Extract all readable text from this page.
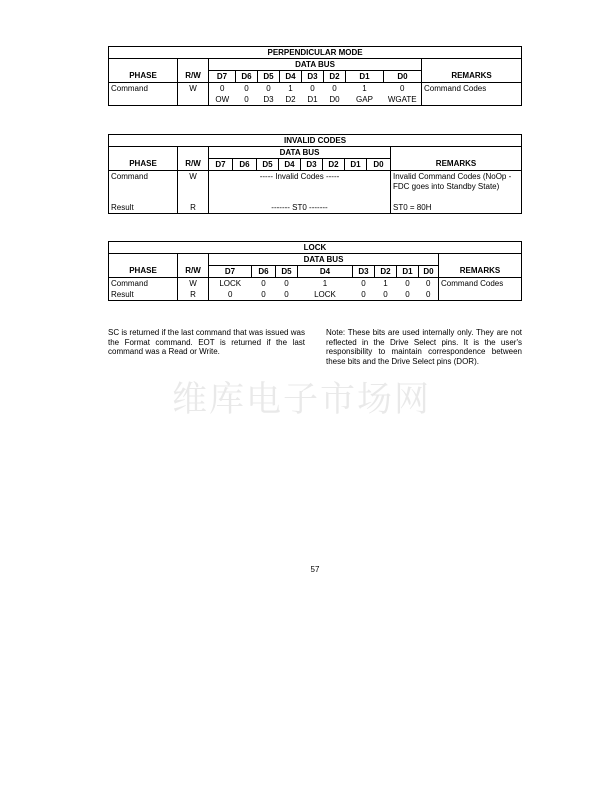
PERPENDICULAR MODE										
		DATA BUS								
PHASE	R/W	D7	D6	D5	D4	D3	D2	D1	D0	REMARKS
Command	W	0	0	0	1	0	0	1	0	Command Codes
		OW	0	D3	D2	D1	D0	GAP	WGATE	
INVALID CODES										
		DATA BUS								
PHASE	R/W	D7	D6	D5	D4	D3	D2	D1	D0	REMARKS
Command	W	----- Invalid Codes -----								Invalid Command Codes (NoOp - FDC goes into Standby State)
Result	R	------- ST0 -------								ST0 = 80H
LOCK										
		DATA BUS								
PHASE	R/W	D7	D6	D5	D4	D3	D2	D1	D0	REMARKS
Command	W	LOCK	0	0	1	0	1	0	0	Command Codes
Result	R	0	0	0	LOCK	0	0	0	0	

SC is returned if the last command that was issued was the Format command. EOT is returned if the last command was a Read or Write.

Note: These bits are used internally only. They are not reflected in the Drive Select pins. It is the user's responsibility to maintain correspondence between these bits and the Drive Select pins (DOR).

维库电子市场网
57
